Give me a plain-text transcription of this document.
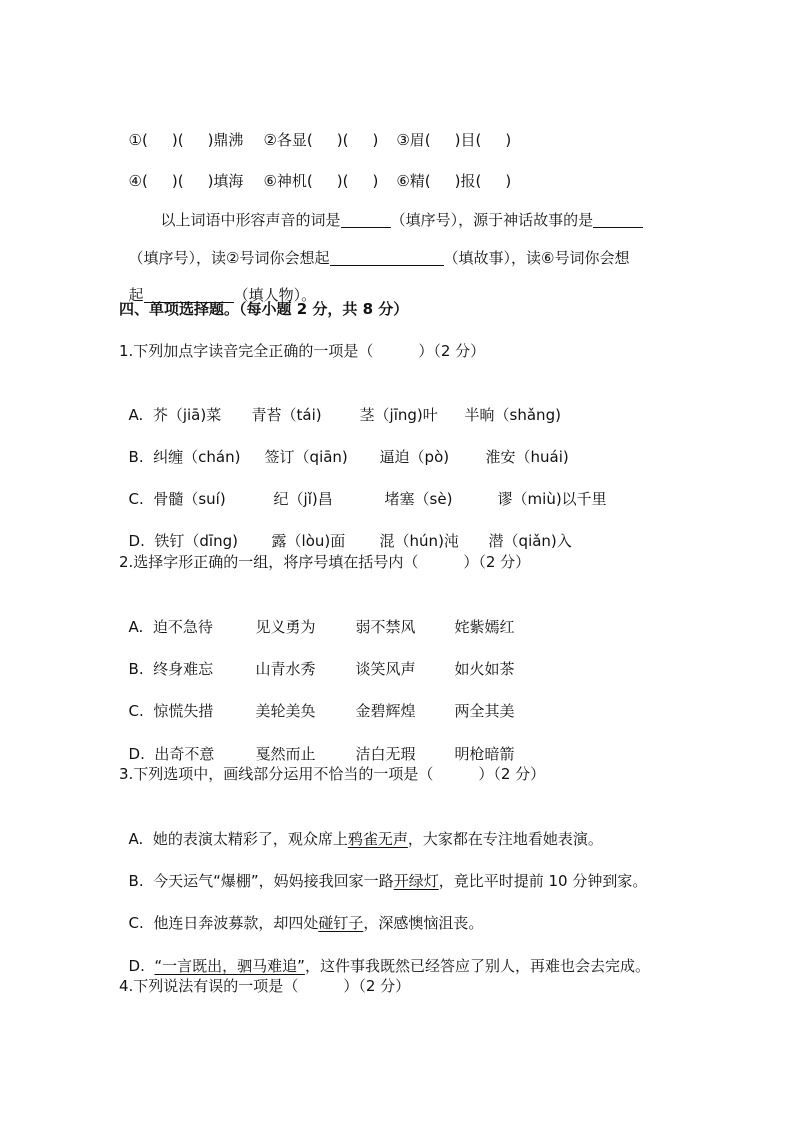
①( )( )鼎沸 ②各显( )( ) ③眉( )目( )

④( )( )填海 ⑥神机( )( ) ⑥精( )报( )

以上词语中形容声音的词是	（填序号），源于神话故事的是

（填序号），读②号词你会想起	（填故事），读⑥号词你会想

起	（填人物）。

四、单项选择题。（每小题 2 分，共 8 分）
1.下列加点字读音完全正确的一项是（　　　）（2 分）

A.  芥（jiā)菜 青苔（tái)	茎（jīng)叶 半晌（shǎng)

B.  纠缠（chán) 签订（qiān) 逼迫（pò) 淮安（huái)

C.  骨髓（suí)	纪（jǐ)昌	堵塞（sè)	谬（miù)以千里

D.  铁钉（dīng) 露（lòu)面 混（hún)沌 潜（qiǎn)入

2.选择字形正确的一组，将序号填在括号内（　　　）（2 分）

A.  迫不急待	见义勇为	弱不禁风	姹紫嫣红

B.  终身难忘	山青水秀	谈笑风声	如火如茶

C.  惊慌失措	美轮美奂	金碧辉煌	两全其美

D.  出奇不意	戛然而止	洁白无瑕	明枪暗箭

3.下列选项中，画线部分运用不恰当的一项是（　　　）（2 分）

A.  她的表演太精彩了，观众席上鸦雀无声，大家都在专注地看她表演。

B.  今天运气“爆棚”，妈妈接我回家一路开绿灯，竟比平时提前 10 分钟到家。

C.  他连日奔波募款，却四处碰钉子，深感懊恼沮丧。

D.  “一言既出，驷马难追”，这件事我既然已经答应了别人，再难也会去完成。

4.下列说法有误的一项是（　　　）（2 分）
